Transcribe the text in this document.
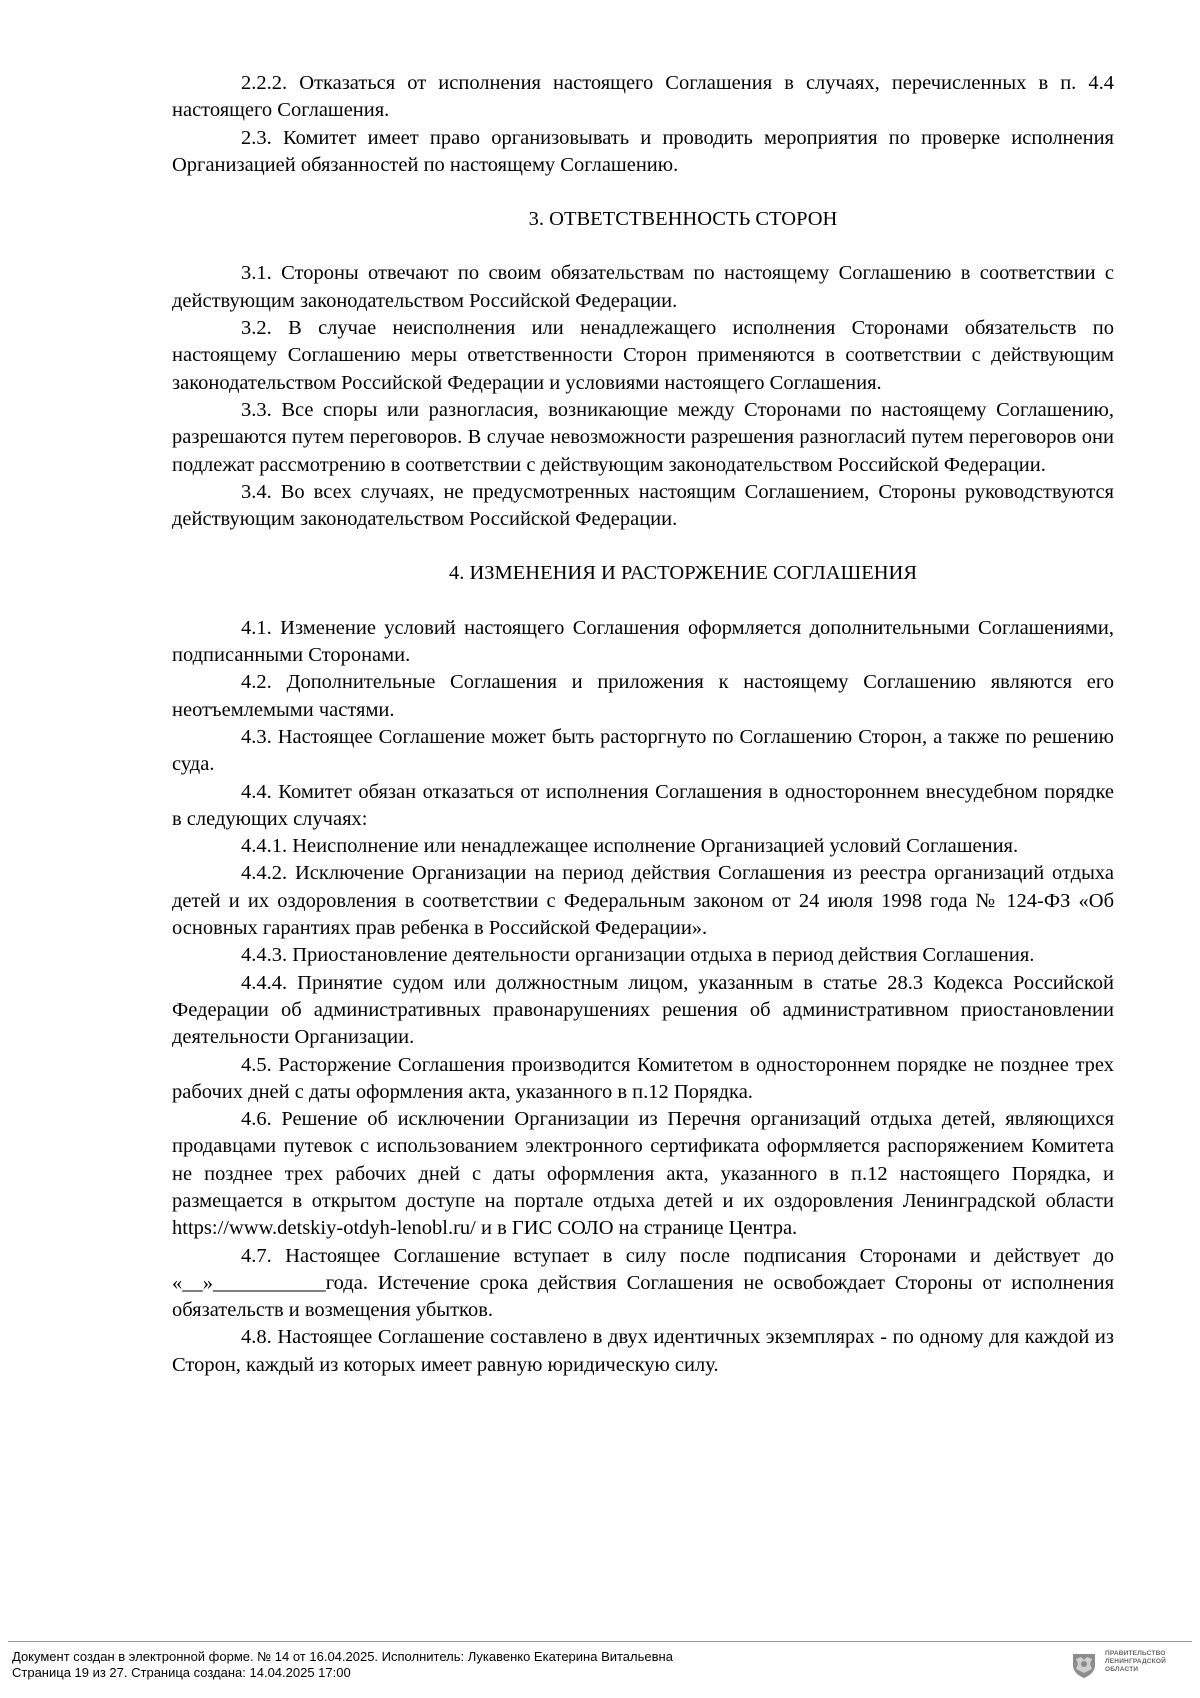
2.2.2. Отказаться от исполнения настоящего Соглашения в случаях, перечисленных в п. 4.4 настоящего Соглашения.

2.3. Комитет имеет право организовывать и проводить мероприятия по проверке исполнения Организацией обязанностей по настоящему Соглашению.

3. ОТВЕТСТВЕННОСТЬ СТОРОН

3.1. Стороны отвечают по своим обязательствам по настоящему Соглашению в соответствии с действующим законодательством Российской Федерации.

3.2. В случае неисполнения или ненадлежащего исполнения Сторонами обязательств по настоящему Соглашению меры ответственности Сторон применяются в соответствии с действующим законодательством Российской Федерации и условиями настоящего Соглашения.

3.3. Все споры или разногласия, возникающие между Сторонами по настоящему Соглашению, разрешаются путем переговоров. В случае невозможности разрешения разногласий путем переговоров они подлежат рассмотрению в соответствии с действующим законодательством Российской Федерации.

3.4. Во всех случаях, не предусмотренных настоящим Соглашением, Стороны руководствуются действующим законодательством Российской Федерации.

4. ИЗМЕНЕНИЯ И РАСТОРЖЕНИЕ СОГЛАШЕНИЯ

4.1. Изменение условий настоящего Соглашения оформляется дополнительными Соглашениями, подписанными Сторонами.

4.2. Дополнительные Соглашения и приложения к настоящему Соглашению являются его неотъемлемыми частями.

4.3. Настоящее Соглашение может быть расторгнуто по Соглашению Сторон, а также по решению суда.

4.4. Комитет обязан отказаться от исполнения Соглашения в одностороннем внесудебном порядке в следующих случаях:

4.4.1. Неисполнение или ненадлежащее исполнение Организацией условий Соглашения.

4.4.2. Исключение Организации на период действия Соглашения из реестра организаций отдыха детей и их оздоровления в соответствии с Федеральным законом от 24 июля 1998 года № 124-ФЗ «Об основных гарантиях прав ребенка в Российской Федерации».

4.4.3. Приостановление деятельности организации отдыха в период действия Соглашения.

4.4.4. Принятие судом или должностным лицом, указанным в статье 28.3 Кодекса Российской Федерации об административных правонарушениях решения об административном приостановлении деятельности Организации.

4.5. Расторжение Соглашения производится Комитетом в одностороннем порядке не позднее трех рабочих дней с даты оформления акта, указанного в п.12 Порядка.

4.6. Решение об исключении Организации из Перечня организаций отдыха детей, являющихся продавцами путевок с использованием электронного сертификата оформляется распоряжением Комитета не позднее трех рабочих дней с даты оформления акта, указанного в п.12 настоящего Порядка, и размещается в открытом доступе на портале отдыха детей и их оздоровления Ленинградской области https://www.detskiy-otdyh-lenobl.ru/ и в ГИС СОЛО на странице Центра.

4.7. Настоящее Соглашение вступает в силу после подписания Сторонами и действует до «__»___________года. Истечение срока действия Соглашения не освобождает Стороны от исполнения обязательств и возмещения убытков.

4.8. Настоящее Соглашение составлено в двух идентичных экземплярах - по одному для каждой из Сторон, каждый из которых имеет равную юридическую силу.

Документ создан в электронной форме. № 14 от 16.04.2025. Исполнитель: Лукавенко Екатерина Витальевна
Страница 19 из 27. Страница создана: 14.04.2025 17:00
ПРАВИТЕЛЬСТВО
ЛЕНИНГРАДСКОЙ
ОБЛАСТИ
